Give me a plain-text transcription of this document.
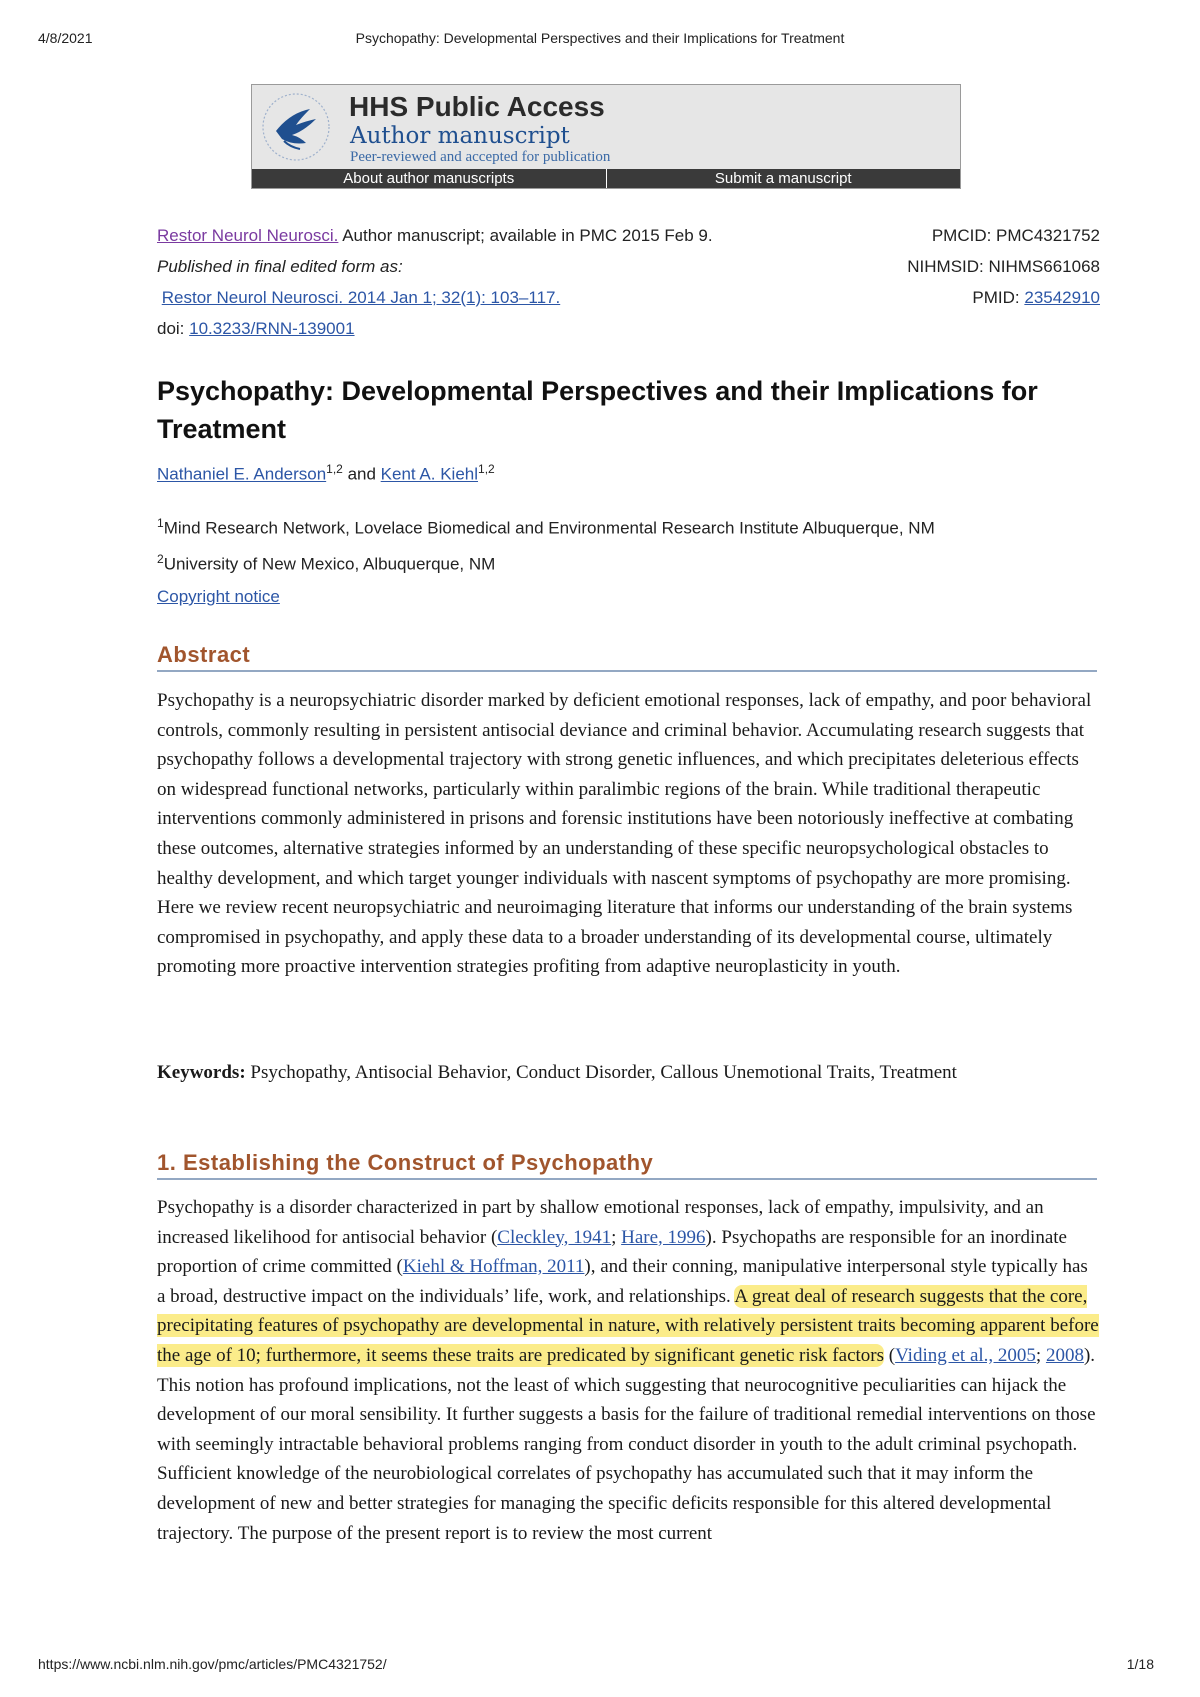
4/8/2021	Psychopathy: Developmental Perspectives and their Implications for Treatment
HHS Public Access
Author manuscript
Peer-reviewed and accepted for publication
About author manuscripts	Submit a manuscript
Restor Neurol Neurosci. Author manuscript; available in PMC 2015 Feb 9.
Published in final edited form as:
Restor Neurol Neurosci. 2014 Jan 1; 32(1): 103–117.
doi: 10.3233/RNN-139001
PMCID: PMC4321752
NIHMSID: NIHMS661068
PMID: 23542910
Psychopathy: Developmental Perspectives and their Implications for Treatment
Nathaniel E. Anderson$^{1,2}$ and Kent A. Kiehl$^{1,2}$
$^1$Mind Research Network, Lovelace Biomedical and Environmental Research Institute Albuquerque, NM
$^2$University of New Mexico, Albuquerque, NM
Copyright notice
Abstract

Psychopathy is a neuropsychiatric disorder marked by deficient emotional responses, lack of empathy, and poor behavioral controls, commonly resulting in persistent antisocial deviance and criminal behavior. Accumulating research suggests that psychopathy follows a developmental trajectory with strong genetic influences, and which precipitates deleterious effects on widespread functional networks, particularly within paralimbic regions of the brain. While traditional therapeutic interventions commonly administered in prisons and forensic institutions have been notoriously ineffective at combating these outcomes, alternative strategies informed by an understanding of these specific neuropsychological obstacles to healthy development, and which target younger individuals with nascent symptoms of psychopathy are more promising. Here we review recent neuropsychiatric and neuroimaging literature that informs our understanding of the brain systems compromised in psychopathy, and apply these data to a broader understanding of its developmental course, ultimately promoting more proactive intervention strategies profiting from adaptive neuroplasticity in youth.

Keywords: Psychopathy, Antisocial Behavior, Conduct Disorder, Callous Unemotional Traits, Treatment

1. Establishing the Construct of Psychopathy

Psychopathy is a disorder characterized in part by shallow emotional responses, lack of empathy, impulsivity, and an increased likelihood for antisocial behavior (Cleckley, 1941; Hare, 1996). Psychopaths are responsible for an inordinate proportion of crime committed (Kiehl & Hoffman, 2011), and their conning, manipulative interpersonal style typically has a broad, destructive impact on the individuals’ life, work, and relationships. A great deal of research suggests that the core, precipitating features of psychopathy are developmental in nature, with relatively persistent traits becoming apparent before the age of 10; furthermore, it seems these traits are predicated by significant genetic risk factors (Viding et al., 2005; 2008). This notion has profound implications, not the least of which suggesting that neurocognitive peculiarities can hijack the development of our moral sensibility. It further suggests a basis for the failure of traditional remedial interventions on those with seemingly intractable behavioral problems ranging from conduct disorder in youth to the adult criminal psychopath. Sufficient knowledge of the neurobiological correlates of psychopathy has accumulated such that it may inform the development of new and better strategies for managing the specific deficits responsible for this altered developmental trajectory. The purpose of the present report is to review the most current

https://www.ncbi.nlm.nih.gov/pmc/articles/PMC4321752/	1/18
